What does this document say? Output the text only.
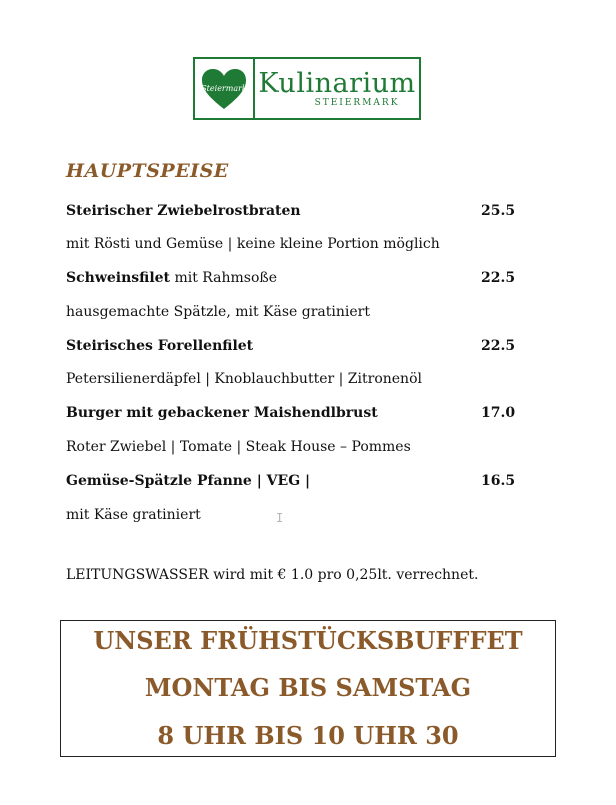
Steiermark Kulinarium
STEIERMARK
HAUPTSPEISE
Steirischer Zwiebelrostbraten	25.5
mit Rösti und Gemüse | keine kleine Portion möglich
Schweinsfilet mit Rahmsoße	22.5
hausgemachte Spätzle, mit Käse gratiniert
Steirisches Forellenfilet	22.5
Petersilienerdäpfel | Knoblauchbutter | Zitronenöl
Burger mit gebackener Maishendlbrust	17.0
Roter Zwiebel | Tomate | Steak House – Pommes
Gemüse-Spätzle Pfanne | VEG |	16.5
mit Käse gratiniert	I
LEITUNGSWASSER wird mit € 1.0 pro 0,25lt. verrechnet.
UNSER FRÜHSTÜCKSBUFFFET
MONTAG BIS SAMSTAG
8 UHR BIS 10 UHR 30
